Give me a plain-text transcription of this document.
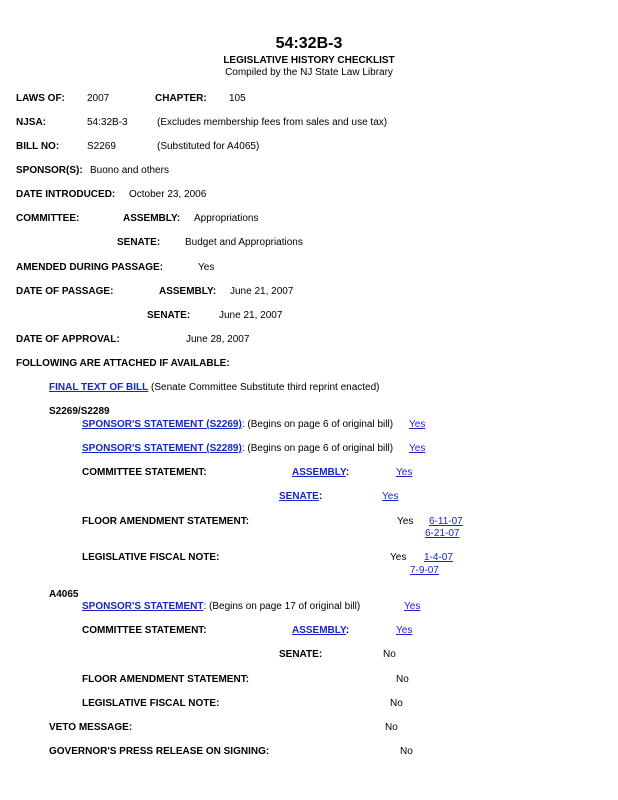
54:32B-3
LEGISLATIVE HISTORY CHECKLIST
Compiled by the NJ State Law Library
LAWS OF: 2007	CHAPTER: 105
NJSA:	54:32B-3	(Excludes membership fees from sales and use tax)
BILL NO:	S2269	(Substituted for A4065)
SPONSOR(S): Buono and others
DATE INTRODUCED: October 23, 2006
COMMITTEE:	ASSEMBLY: Appropriations
SENATE: Budget and Appropriations
AMENDED DURING PASSAGE:	Yes
DATE OF PASSAGE:	ASSEMBLY: June 21, 2007
SENATE:	June 21, 2007
DATE OF APPROVAL:	June 28, 2007
FOLLOWING ARE ATTACHED IF AVAILABLE:
FINAL TEXT OF BILL (Senate Committee Substitute third reprint enacted)
S2269/S2289
SPONSOR'S STATEMENT (S2269): (Begins on page 6 of original bill) Yes
SPONSOR'S STATEMENT (S2289): (Begins on page 6 of original bill) Yes
COMMITTEE STATEMENT:	ASSEMBLY:	Yes
SENATE:	Yes
FLOOR AMENDMENT STATEMENT:	Yes 6-11-07
6-21-07
LEGISLATIVE FISCAL NOTE:	Yes 1-4-07
7-9-07
A4065
SPONSOR'S STATEMENT: (Begins on page 17 of original bill)	Yes
COMMITTEE STATEMENT:	ASSEMBLY:	Yes
SENATE:	No
FLOOR AMENDMENT STATEMENT:	No
LEGISLATIVE FISCAL NOTE:	No
VETO MESSAGE:	No
GOVERNOR'S PRESS RELEASE ON SIGNING:	No
